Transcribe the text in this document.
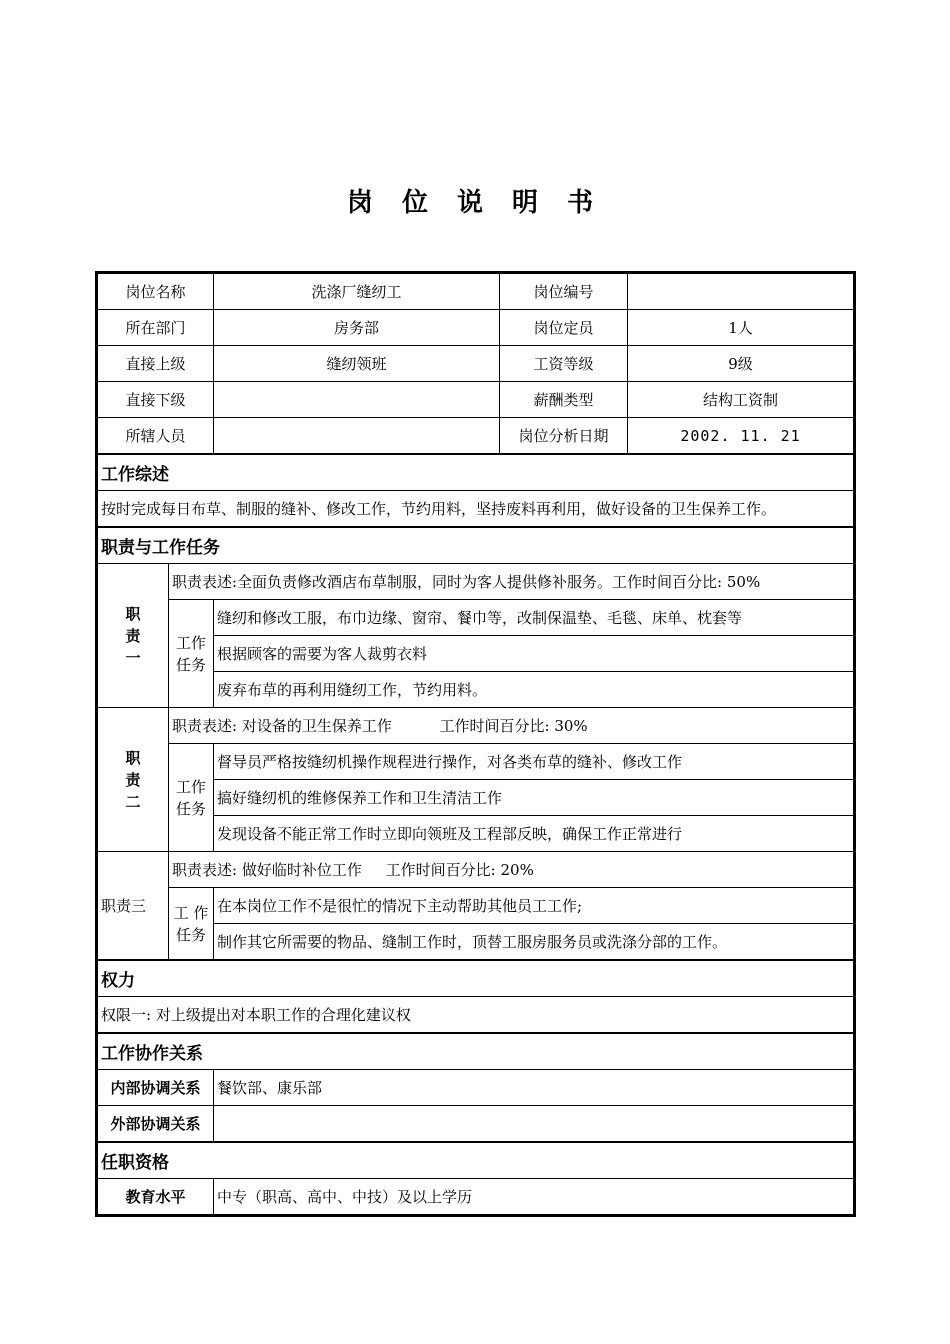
岗 位 说 明 书
岗位名称		洗涤厂缝纫工	岗位编号	
所在部门		房务部	岗位定员	1人
直接上级		缝纫领班	工资等级	9级
直接下级			薪酬类型	结构工资制
所辖人员			岗位分析日期	2002. 11. 21
工作综述				
按时完成每日布草、制服的缝补、修改工作，节约用料，坚持废料再利用，做好设备的卫生保养工作。				
职责与工作任务				

职
责
一	职责表述:全面负责修改酒店布草制服，同时为客人提供修补服务。工作时间百分比: 50%			

	工作
任务	缝纫和修改工服，布巾边缘、窗帘、餐巾等，改制保温垫、毛毯、床单、枕套等		
		根据顾客的需要为客人裁剪衣料		
		废弃布草的再利用缝纫工作，节约用料。		

职
责
二	职责表述: 对设备的卫生保养工作          工作时间百分比: 30%			

	工作
任务	督导员严格按缝纫机操作规程进行操作，对各类布草的缝补、修改工作		
		搞好缝纫机的维修保养工作和卫生清洁工作		
		发现设备不能正常工作时立即向领班及工程部反映，确保工作正常进行		
职责三	职责表述: 做好临时补位工作     工作时间百分比: 20%			

	工 作
任务	在本岗位工作不是很忙的情况下主动帮助其他员工工作;		
		制作其它所需要的物品、缝制工作时，顶替工服房服务员或洗涤分部的工作。		
权力				
权限一: 对上级提出对本职工作的合理化建议权				
工作协作关系				
内部协调关系		餐饮部、康乐部		
外部协调关系				
任职资格				
教育水平		中专（职高、高中、中技）及以上学历		
